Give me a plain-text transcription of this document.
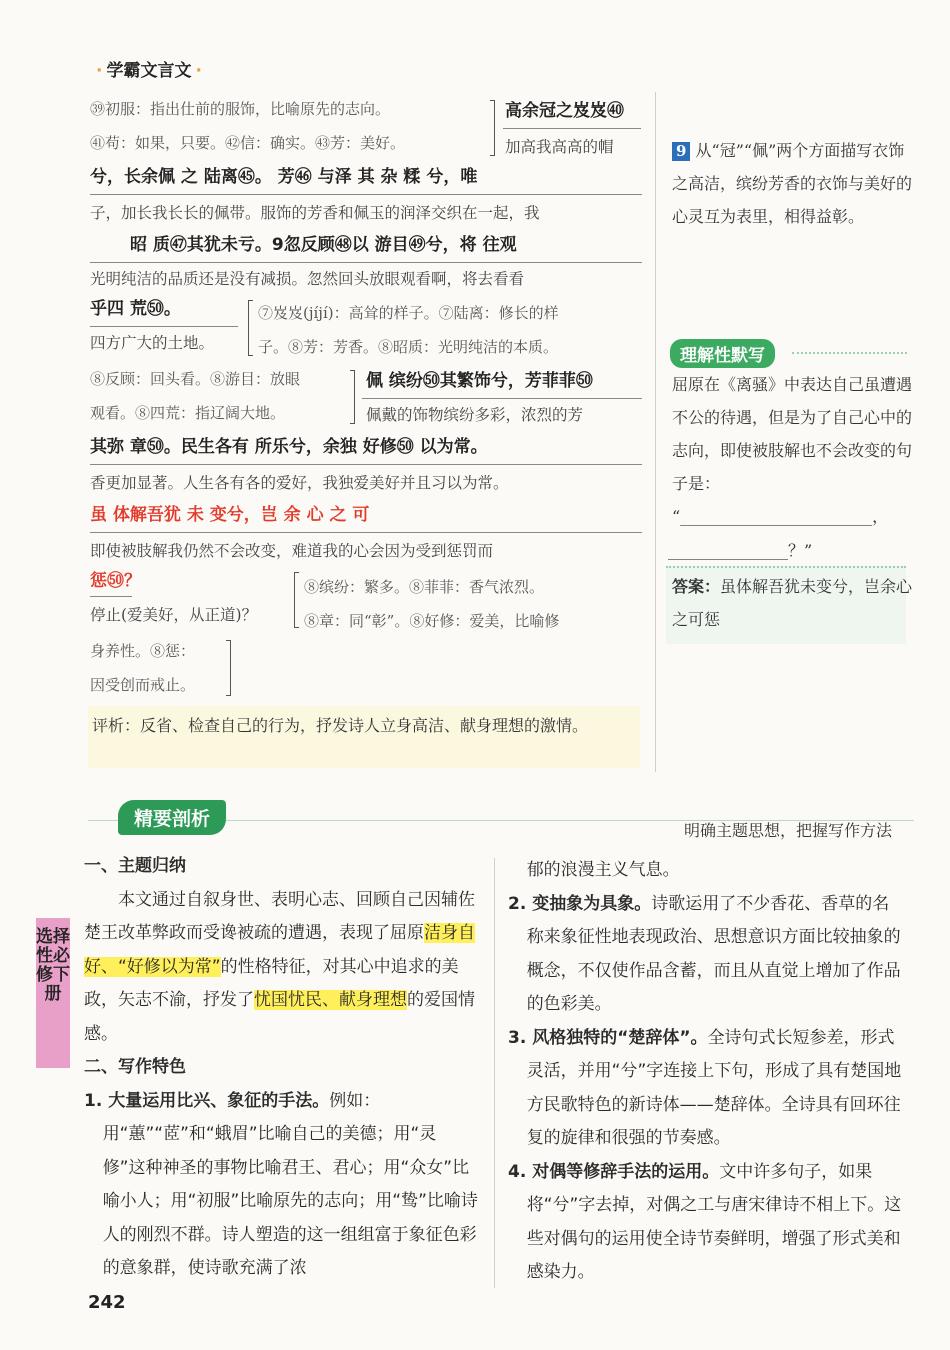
· 学霸文言文 ·
㊴初服：指出仕前的服饰，比喻原先的志向。	高余冠之岌岌㊵
㊶苟：如果，只要。㊷信：确实。㊸芳：美好。	加高我高高的帽
兮，长余佩 之 陆离㊺。 芳㊻ 与泽 其 杂 糅 兮，唯
子，加长我长长的佩带。服饰的芳香和佩玉的润泽交织在一起，我
昭 质㊼其犹未亏。9忽反顾㊽以 游目㊾兮，将 往观
光明纯洁的品质还是没有减损。忽然回头放眼观看啊，将去看看
乎四 荒㊿。	⑦岌岌(jíjí)：高耸的样子。⑦陆离：修长的样
四方广大的土地。	子。⑧芳：芳香。⑧昭质：光明纯洁的本质。
⑧反顾：回头看。⑧游目：放眼	佩 缤纷㊿其繁饰兮，芳菲菲㊿
观看。⑧四荒：指辽阔大地。	佩戴的饰物缤纷多彩，浓烈的芳
其弥 章㊿。民生各有 所乐兮，余独 好修㊿ 以为常。
香更加显著。人生各有各的爱好，我独爱美好并且习以为常。
虽 体解吾犹 未 变兮，岂 余 心 之 可
即使被肢解我仍然不会改变，难道我的心会因为受到惩罚而
惩㊿？	⑧缤纷：繁多。⑧菲菲：香气浓烈。
停止(爱美好，从正道)？	⑧章：同“彰”。⑧好修：爱美，比喻修
身养性。⑧惩：
因受创而戒止。
评析：反省、检查自己的行为，抒发诗人立身高洁、献身理想的激情。
9 从“冠”“佩”两个方面描写衣饰之高洁，缤纷芳香的衣饰与美好的心灵互为表里，相得益彰。
理解性默写
屈原在《离骚》中表达自己虽遭遇不公的待遇，但是为了自己心中的志向，即使被肢解也不会改变的句子是：
“________________________，
_______________？”
答案：虽体解吾犹未变兮，岂余心之可惩
精要剖析
明确主题思想，把握写作方法

一、主题归纳

本文通过自叙身世、表明心志、回顾自己因辅佐楚王改革弊政而受谗被疏的遭遇，表现了屈原洁身自好、“好修以为常”的性格特征，对其心中追求的美政，矢志不渝，抒发了忧国忧民、献身理想的爱国情感。

二、写作特色

1. 大量运用比兴、象征的手法。例如：用“蕙”“茝”和“蛾眉”比喻自己的美德；用“灵修”这种神圣的事物比喻君王、君心；用“众女”比喻小人；用“初服”比喻原先的志向；用“鸷”比喻诗人的刚烈不群。诗人塑造的这一组组富于象征色彩的意象群，使诗歌充满了浓

郁的浪漫主义气息。

2. 变抽象为具象。诗歌运用了不少香花、香草的名称来象征性地表现政治、思想意识方面比较抽象的概念，不仅使作品含蓄，而且从直觉上增加了作品的色彩美。

3. 风格独特的“楚辞体”。全诗句式长短参差，形式灵活，并用“兮”字连接上下句，形成了具有楚国地方民歌特色的新诗体——楚辞体。全诗具有回环往复的旋律和很强的节奏感。

4. 对偶等修辞手法的运用。文中许多句子，如果将“兮”字去掉，对偶之工与唐宋律诗不相上下。这些对偶句的运用使全诗节奏鲜明，增强了形式美和感染力。

选择性必修下册
242
